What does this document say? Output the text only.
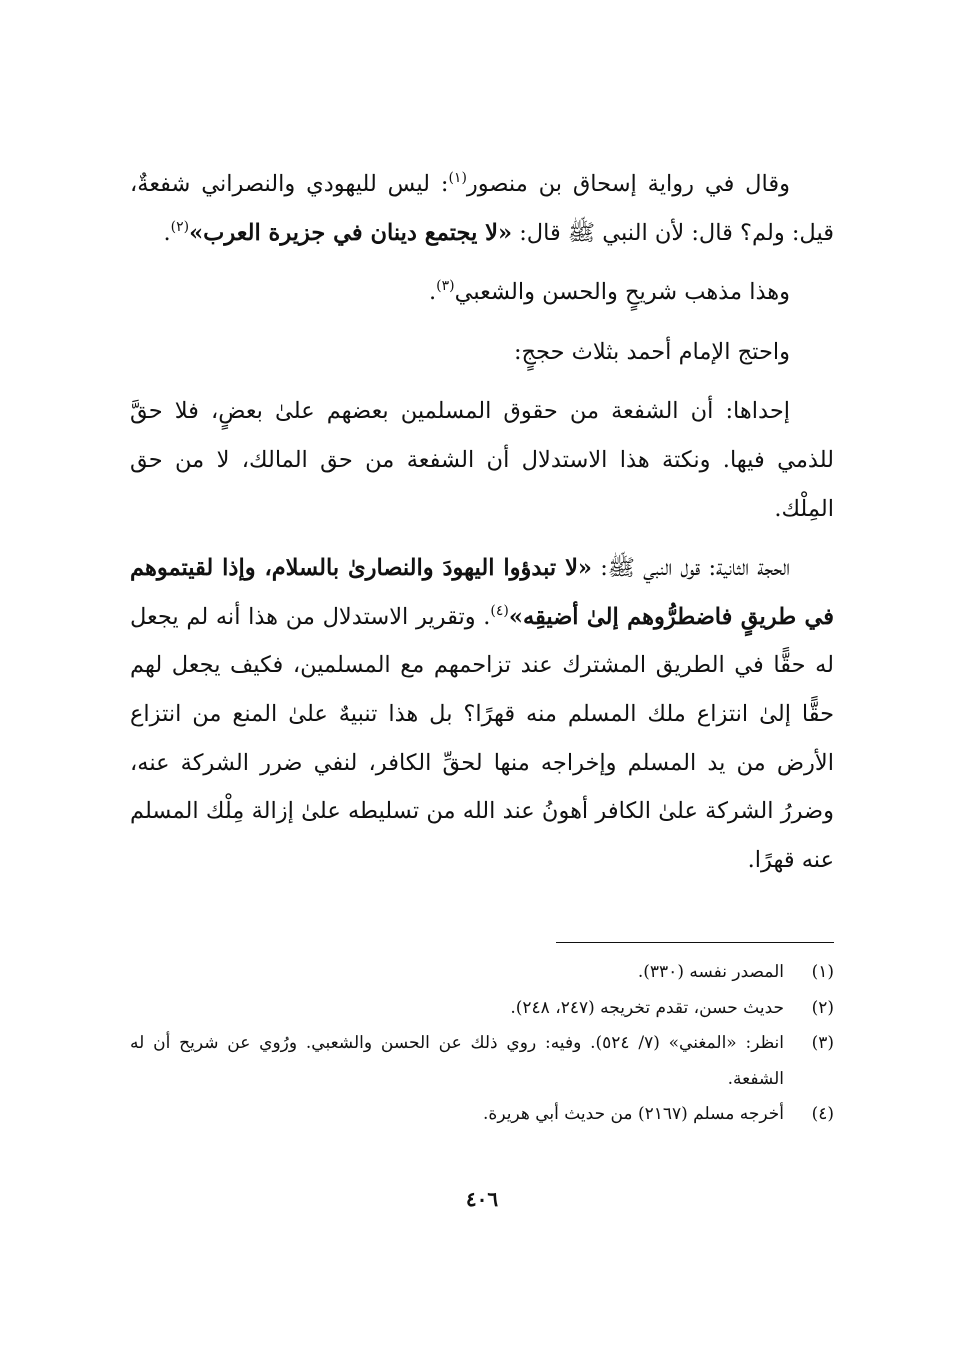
وقال في رواية إسحاق بن منصور$^{(١)}$: ليس لليهودي والنصراني شفعةٌ، قيل: ولم؟ قال: لأن النبي ﷺ قال: «لا يجتمع دينان في جزيرة العرب»$^{(٢)}$.

وهذا مذهب شريحٍ والحسن والشعبي$^{(٣)}$.

واحتج الإمام أحمد بثلاث حججٍ:

إحداها: أن الشفعة من حقوق المسلمين بعضهم علىٰ بعضٍ، فلا حقَّ للذمي فيها. ونكتة هذا الاستدلال أن الشفعة من حق المالك، لا من حق المِلْك.

الحجة الثانية: قول النبي ﷺ: «لا تبدؤوا اليهودَ والنصارىٰ بالسلام، وإذا لقيتموهم في طريقٍ فاضطرُّوهم إلىٰ أضيقِه»$^{(٤)}$. وتقرير الاستدلال من هذا أنه لم يجعل له حقًّا في الطريق المشترك عند تزاحمهم مع المسلمين، فكيف يجعل لهم حقًّا إلىٰ انتزاع ملك المسلم منه قهرًا؟ بل هذا تنبيهٌ علىٰ المنع من انتزاع الأرض من يد المسلم وإخراجه منها لحقِّ الكافر، لنفي ضرر الشركة عنه، وضررُ الشركة علىٰ الكافر أهونُ عند الله من تسليطه علىٰ إزالة مِلْك المسلم عنه قهرًا.

(١)
المصدر نفسه (٣٣٠).
(٢)
حديث حسن، تقدم تخريجه (٢٤٧، ٢٤٨).
(٣)
انظر: «المغني» (٧/ ٥٢٤). وفيه: روي ذلك عن الحسن والشعبي. ورُوي عن شريح أن له الشفعة.
(٤)
أخرجه مسلم (٢١٦٧) من حديث أبي هريرة.
٤٠٦
